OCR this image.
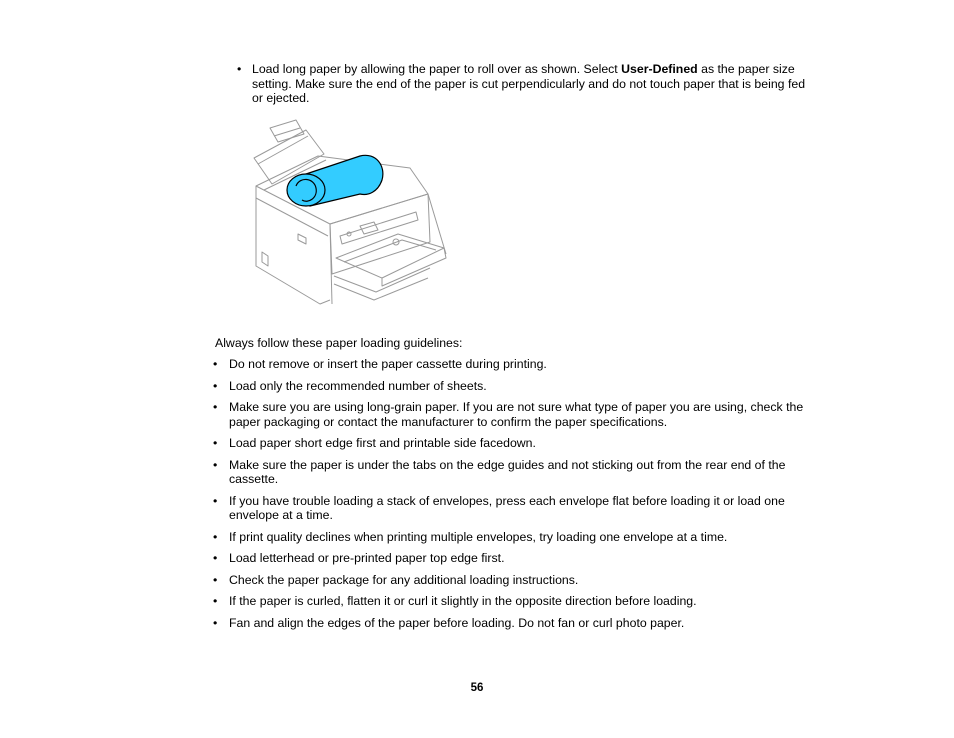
• Load long paper by allowing the paper to roll over as shown. Select User-Defined as the paper size setting. Make sure the end of the paper is cut perpendicularly and do not touch paper that is being fed or ejected.
Always follow these paper loading guidelines:
• Do not remove or insert the paper cassette during printing.
• Load only the recommended number of sheets.
• Make sure you are using long-grain paper. If you are not sure what type of paper you are using, check the paper packaging or contact the manufacturer to confirm the paper specifications.
• Load paper short edge first and printable side facedown.
• Make sure the paper is under the tabs on the edge guides and not sticking out from the rear end of the cassette.
• If you have trouble loading a stack of envelopes, press each envelope flat before loading it or load one envelope at a time.
• If print quality declines when printing multiple envelopes, try loading one envelope at a time.
• Load letterhead or pre-printed paper top edge first.
• Check the paper package for any additional loading instructions.
• If the paper is curled, flatten it or curl it slightly in the opposite direction before loading.
• Fan and align the edges of the paper before loading. Do not fan or curl photo paper.
56
